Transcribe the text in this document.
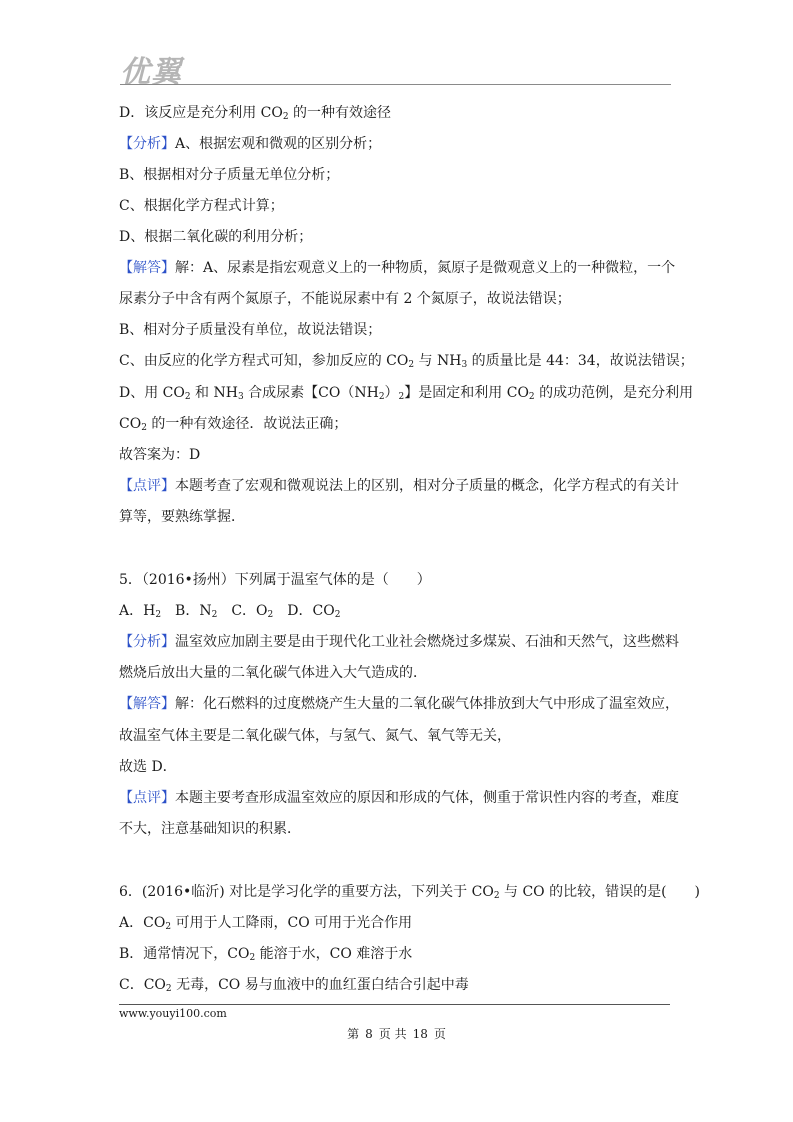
优翼
D．该反应是充分利用 $CO_2$ 的一种有效途径
【分析】A、根据宏观和微观的区别分析；
B、根据相对分子质量无单位分析；
C、根据化学方程式计算；
D、根据二氧化碳的利用分析；
【解答】解：A、尿素是指宏观意义上的一种物质，氮原子是微观意义上的一种微粒，一个
尿素分子中含有两个氮原子，不能说尿素中有 2 个氮原子，故说法错误；
B、相对分子质量没有单位，故说法错误；
C、由反应的化学方程式可知，参加反应的 $CO_2$ 与 $NH_3$ 的质量比是 44：34，故说法错误；
D、用 $CO_2$ 和 $NH_3$ 合成尿素【$CO(NH_2)_2$】是固定和利用 $CO_2$ 的成功范例，是充分利用
$CO_2$ 的一种有效途径．故说法正确；
故答案为：D
【点评】本题考查了宏观和微观说法上的区别，相对分子质量的概念，化学方程式的有关计
算等，要熟练掌握．
5．（2016•扬州）下列属于温室气体的是（　　）
A．$H_2$　B．$N_2$　C．$O_2$　D．$CO_2$
【分析】温室效应加剧主要是由于现代化工业社会燃烧过多煤炭、石油和天然气，这些燃料
燃烧后放出大量的二氧化碳气体进入大气造成的．
【解答】解：化石燃料的过度燃烧产生大量的二氧化碳气体排放到大气中形成了温室效应，
故温室气体主要是二氧化碳气体，与氢气、氮气、氧气等无关，
故选 D．
【点评】本题主要考查形成温室效应的原因和形成的气体，侧重于常识性内容的考查，难度
不大，注意基础知识的积累．
6．(2016•临沂) 对比是学习化学的重要方法，下列关于 $CO_2$ 与 CO 的比较，错误的是(　　)
A．$CO_2$ 可用于人工降雨，CO 可用于光合作用
B．通常情况下，$CO_2$ 能溶于水，CO 难溶于水
C．$CO_2$ 无毒，CO 易与血液中的血红蛋白结合引起中毒
www.youyi100.com
第 8 页 共 18 页
